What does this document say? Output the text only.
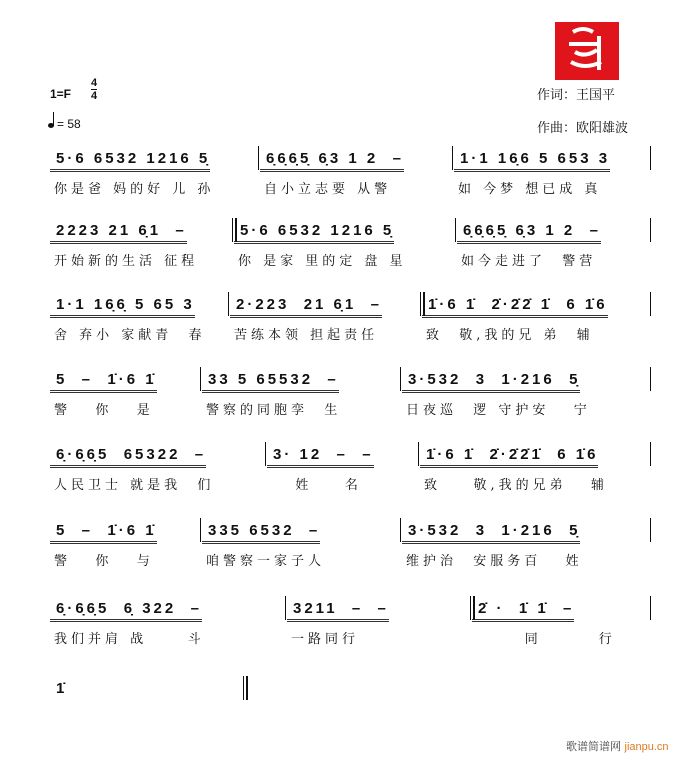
1=F
4
4
= 58
作词：王国平
作曲：欧阳雄波
5·6 6532 1216 5̣
你是爸 妈的好 儿 孙
6̣6̣6̣5̣ 6̣3 1 2  –
自小立志要 从警
1·1 16̣6 5 653 3
如 今梦 想已成 真
2223 21 6̣1  –
开始新的生活 征程
5·6 6532 1216 5̣
你 是家 里的定 盘 星
6̣6̣6̣5̣ 6̣3 1 2  –
如今走进了  警营
1·1 16̣6̣ 5 65 3
舍 弃小 家献青  春
2·223  21 6̣1  –
苦练本领 担起责任
1̇·6 1̇  2̇·2̇2̇ 1̇  6 1̇6
致  敬,我的兄 弟  辅
5  –  1̇·6 1̇
警   你   是
33 5 65532  –
警察的同胞孪  生
3·532  3  1·216  5̣
日夜巡  逻 守护安   宁
6̣·6̣6̣5  65322  –
人民卫士 就是我  们
3· 12  –  –
姓    名
1̇·6 1̇  2̇·2̇2̇1̇  6 1̇6
致    敬,我的兄弟   辅
5  –  1̇·6 1̇
警   你   与
335 6532  –
咱警察一家子人
3·532  3  1·216  5̣
维护治  安服务百   姓
6̣·6̣6̣5  6̣ 322  –
我们并肩 战     斗
3211  –  –
一路同行
2̇ ·  1̇ 1̇  –
同       行
1̇
歌谱简谱网 jianpu.cn
